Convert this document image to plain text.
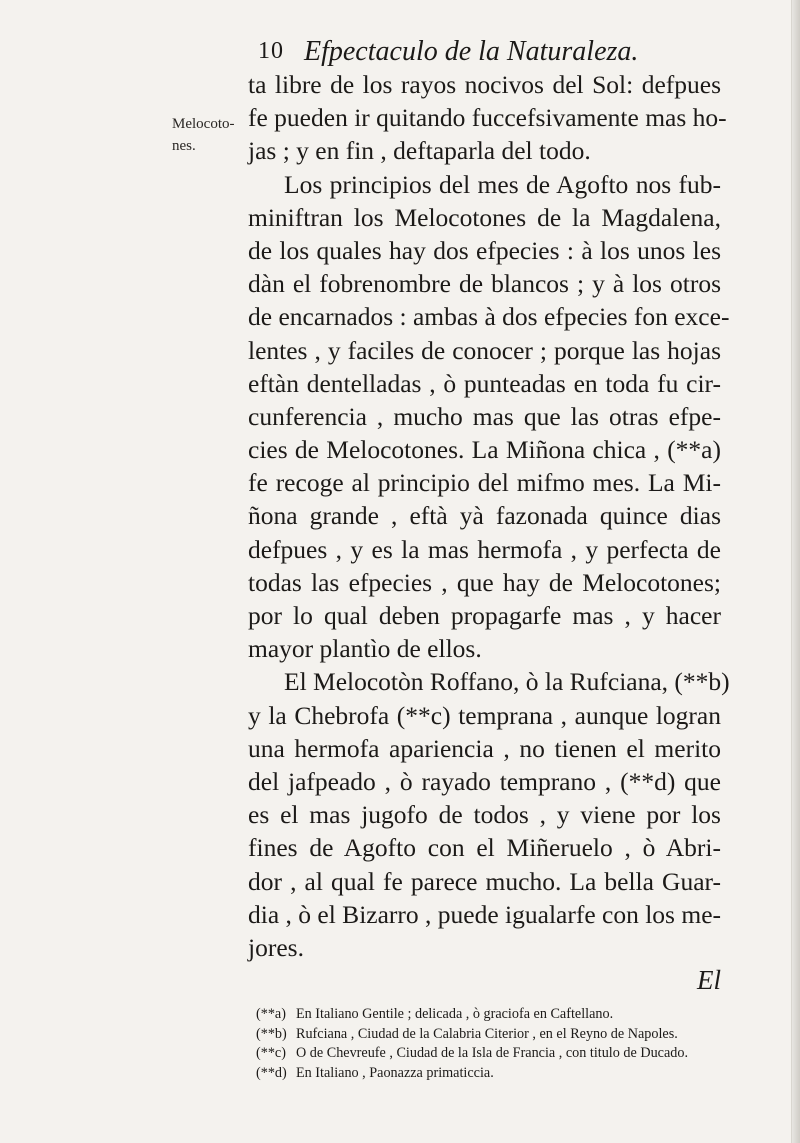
10 Efpectaculo de la Naturaleza.
Melocoto-
nes.
ta libre de los rayos nocivos del Sol: defpues
fe pueden ir quitando fuccefsivamente mas ho-
jas ; y en fin , deftaparla del todo.
Los principios del mes de Agofto nos fub-
miniftran los Melocotones de la Magdalena,
de los quales hay dos efpecies : à los unos les
dàn el fobrenombre de blancos ; y à los otros
de encarnados : ambas à dos efpecies fon exce-
lentes , y faciles de conocer ; porque las hojas
eftàn dentelladas , ò punteadas en toda fu cir-
cunferencia , mucho mas que las otras efpe-
cies de Melocotones. La Miñona chica , (**a)
fe recoge al principio del mifmo mes. La Mi-
ñona grande , eftà yà fazonada quince dias
defpues , y es la mas hermofa , y perfecta de
todas las efpecies , que hay de Melocotones;
por lo qual deben propagarfe mas , y hacer
mayor plantìo de ellos.
El Melocotòn Roffano, ò la Rufciana, (**b)
y la Chebrofa (**c) temprana , aunque logran
una hermofa apariencia , no tienen el merito
del jafpeado , ò rayado temprano , (**d) que
es el mas jugofo de todos , y viene por los
fines de Agofto con el Miñeruelo , ò Abri-
dor , al qual fe parece mucho. La bella Guar-
dia , ò el Bizarro , puede igualarfe con los me-
jores.
El
(**a) En Italiano Gentile ; delicada , ò graciofa en Caftellano.
(**b) Rufciana , Ciudad de la Calabria Citerior , en el Reyno de Napoles.
(**c) O de Chevreufe , Ciudad de la Isla de Francia , con titulo de Ducado.
(**d) En Italiano , Paonazza primaticcia.
